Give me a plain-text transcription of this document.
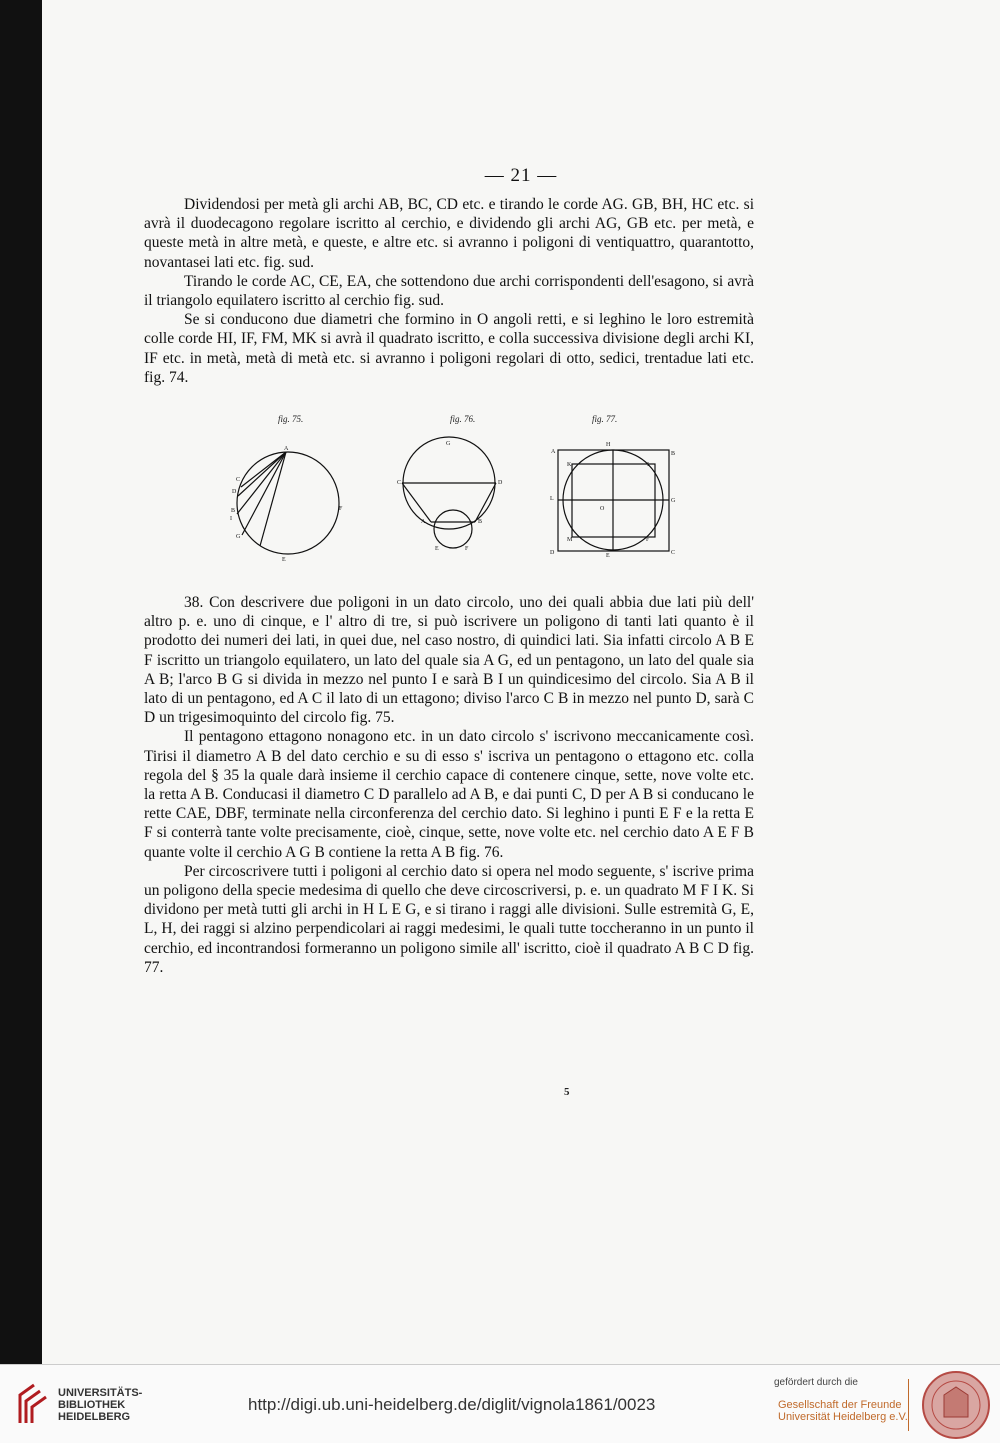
— 21 —

Dividendosi per metà gli archi AB, BC, CD etc. e tirando le corde AG. GB, BH, HC etc. si avrà il duodecagono regolare iscritto al cerchio, e dividendo gli archi AG, GB etc. per metà, e queste metà in altre metà, e queste, e altre etc. si avranno i poligoni di ventiquattro, quarantotto, novantasei lati etc. fig. sud.

Tirando le corde AC, CE, EA, che sottendono due archi corrispondenti dell'esagono, si avrà il triangolo equilatero iscritto al cerchio fig. sud.

Se si conducono due diametri che formino in O angoli retti, e si leghino le loro estremità colle corde HI, IF, FM, MK si avrà il quadrato iscritto, e colla successiva divisione degli archi KI, IF etc. in metà, metà di metà etc. si avranno i poligoni regolari di otto, sedici, trentadue lati etc. fig. 74.

fig. 75.	fig. 76.	fig. 77.
A
C
D
B
I
G
E
F
G
C	D
A	B
E	F
A
H
B
K	I
L
O
G
M	F
D	E	C

38. Con descrivere due poligoni in un dato circolo, uno dei quali abbia due lati più dell' altro p. e. uno di cinque, e l' altro di tre, si può iscrivere un poligono di tanti lati quanto è il prodotto dei numeri dei lati, in quei due, nel caso nostro, di quindici lati. Sia infatti circolo A B E F iscritto un triangolo equilatero, un lato del quale sia A G, ed un pentagono, un lato del quale sia A B; l'arco B G si divida in mezzo nel punto I e sarà B I un quindicesimo del circolo. Sia A B il lato di un pentagono, ed A C il lato di un ettagono; diviso l'arco C B in mezzo nel punto D, sarà C D un trigesimoquinto del circolo fig. 75.

Il pentagono ettagono nonagono etc. in un dato circolo s' iscrivono meccanicamente così. Tirisi il diametro A B del dato cerchio e su di esso s' iscriva un pentagono o ettagono etc. colla regola del § 35 la quale darà insieme il cerchio capace di contenere cinque, sette, nove volte etc. la retta A B. Conducasi il diametro C D parallelo ad A B, e dai punti C, D per A B si conducano le rette CAE, DBF, terminate nella circonferenza del cerchio dato. Si leghino i punti E F e la retta E F si conterrà tante volte precisamente, cioè, cinque, sette, nove volte etc. nel cerchio dato A E F B quante volte il cerchio A G B contiene la retta A B fig. 76.

Per circoscrivere tutti i poligoni al cerchio dato si opera nel modo seguente, s' iscrive prima un poligono della specie medesima di quello che deve circoscriversi, p. e. un quadrato M F I K. Si dividono per metà tutti gli archi in H L E G, e si tirano i raggi alle divisioni. Sulle estremità G, E, L, H, dei raggi si alzino perpendicolari ai raggi medesimi, le quali tutte toccheranno in un punto il cerchio, ed incontrandosi formeranno un poligono simile all' iscritto, cioè il quadrato A B C D fig. 77.

5
UNIVERSITÄTS-
BIBLIOTHEK
HEIDELBERG
http://digi.ub.uni-heidelberg.de/diglit/vignola1861/0023
gefördert durch die
Gesellschaft der Freunde
Universität Heidelberg e.V.
